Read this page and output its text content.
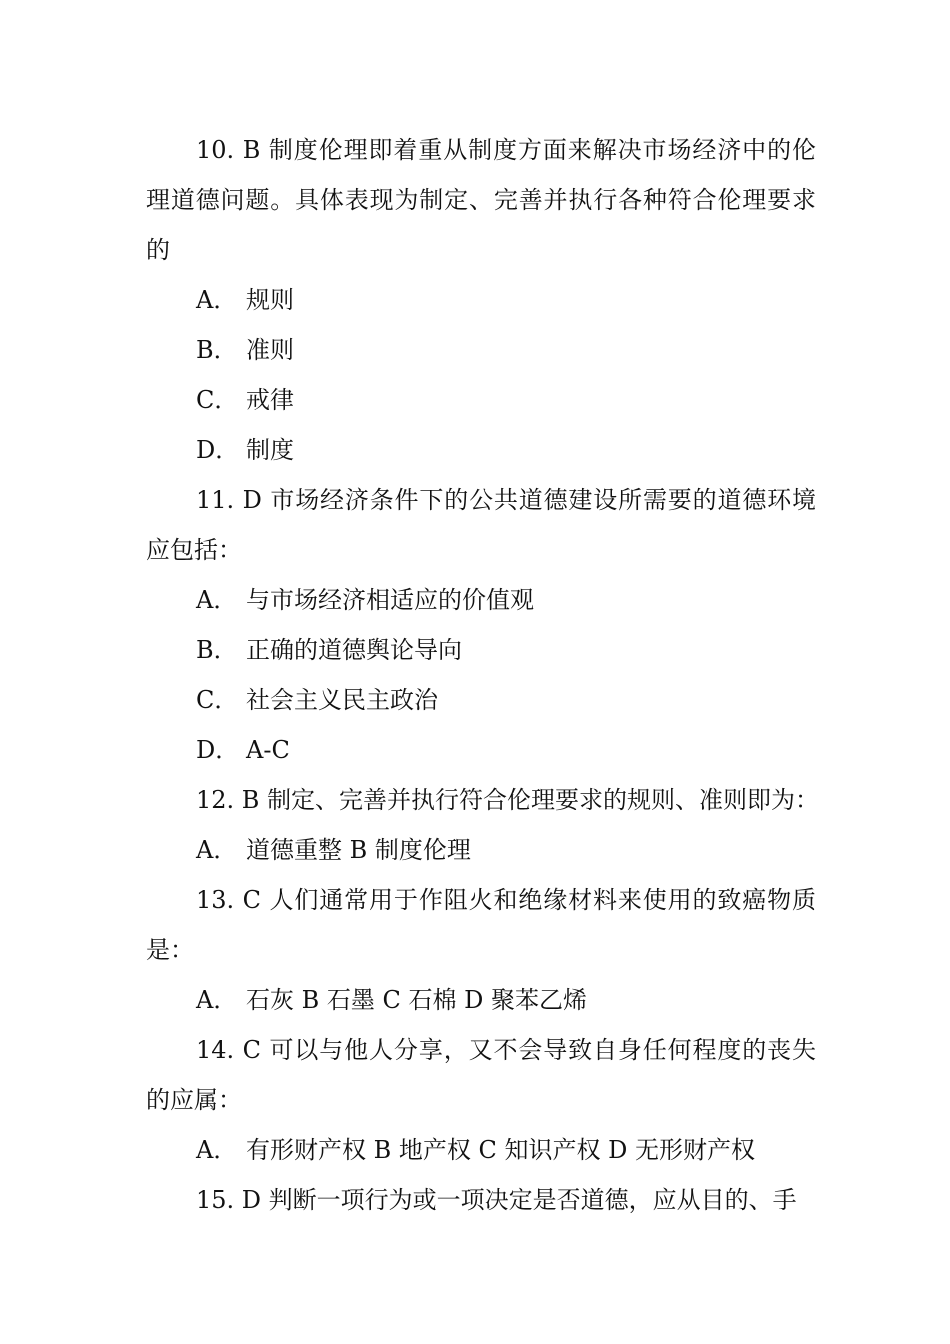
10. B 制度伦理即着重从制度方面来解决市场经济中的伦理道德问题。具体表现为制定、完善并执行各种符合伦理要求的

A． 规则
B． 准则
C． 戒律
D． 制度

11. D 市场经济条件下的公共道德建设所需要的道德环境应包括：

A． 与市场经济相适应的价值观
B． 正确的道德舆论导向
C． 社会主义民主政治
D． A-C

12. B 制定、完善并执行符合伦理要求的规则、准则即为：

A． 道德重整 B 制度伦理

13. C 人们通常用于作阻火和绝缘材料来使用的致癌物质是：

A． 石灰 B 石墨 C 石棉 D 聚苯乙烯

14. C 可以与他人分享，又不会导致自身任何程度的丧失的应属：

A． 有形财产权 B 地产权 C 知识产权 D 无形财产权

15. D 判断一项行为或一项决定是否道德，应从目的、手
